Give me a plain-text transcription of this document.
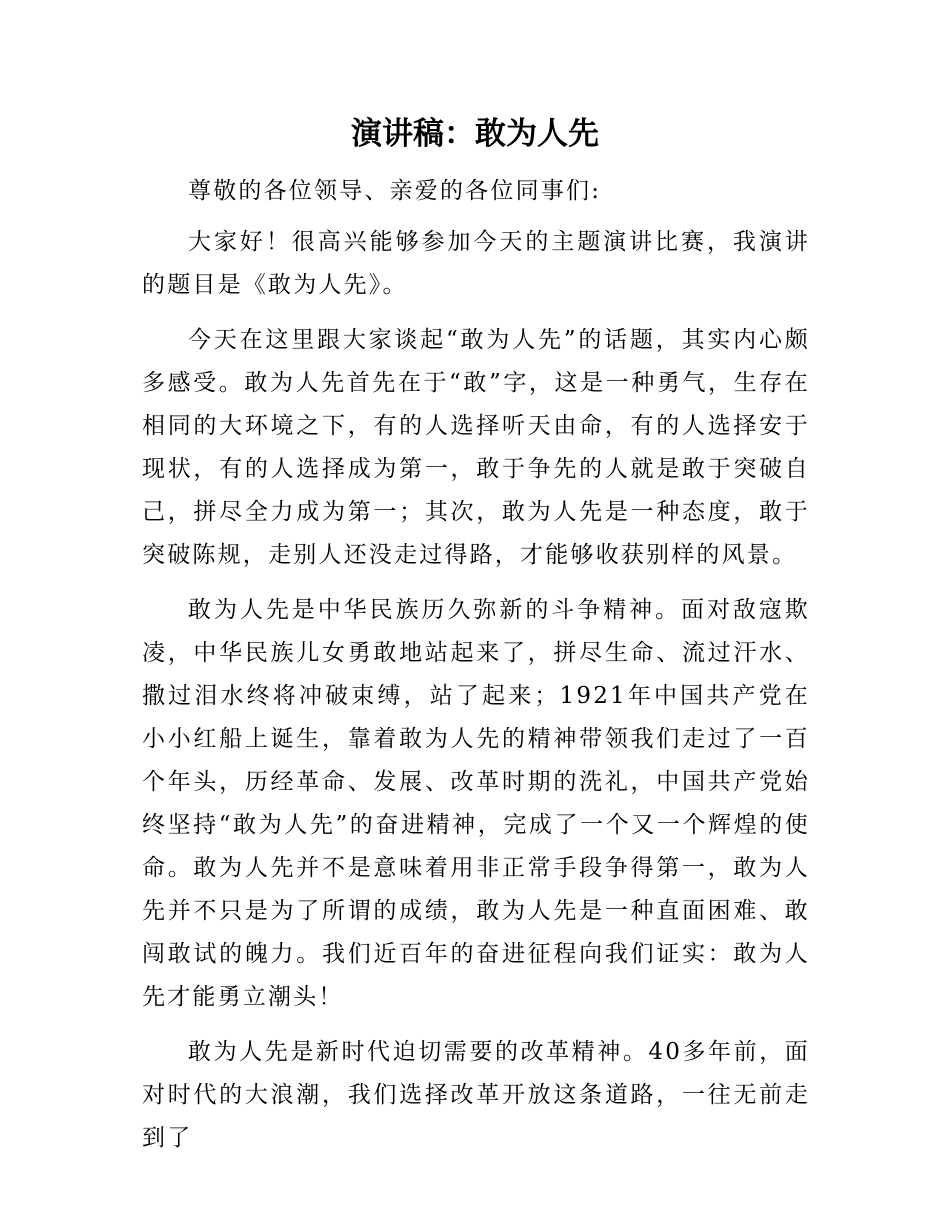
演讲稿：敢为人先

尊敬的各位领导、亲爱的各位同事们:

大家好！很高兴能够参加今天的主题演讲比赛，我演讲的题目是《敢为人先》。

今天在这里跟大家谈起“敢为人先”的话题，其实内心颇多感受。敢为人先首先在于“敢”字，这是一种勇气，生存在相同的大环境之下，有的人选择听天由命，有的人选择安于现状，有的人选择成为第一，敢于争先的人就是敢于突破自己，拼尽全力成为第一；其次，敢为人先是一种态度，敢于突破陈规，走别人还没走过得路，才能够收获别样的风景。

敢为人先是中华民族历久弥新的斗争精神。面对敌寇欺凌，中华民族儿女勇敢地站起来了，拼尽生命、流过汗水、撒过泪水终将冲破束缚，站了起来；1921年中国共产党在小小红船上诞生，靠着敢为人先的精神带领我们走过了一百个年头，历经革命、发展、改革时期的洗礼，中国共产党始终坚持“敢为人先”的奋进精神，完成了一个又一个辉煌的使命。敢为人先并不是意味着用非正常手段争得第一，敢为人先并不只是为了所谓的成绩，敢为人先是一种直面困难、敢闯敢试的魄力。我们近百年的奋进征程向我们证实：敢为人先才能勇立潮头！

敢为人先是新时代迫切需要的改革精神。40多年前，面对时代的大浪潮，我们选择改革开放这条道路，一往无前走到了
